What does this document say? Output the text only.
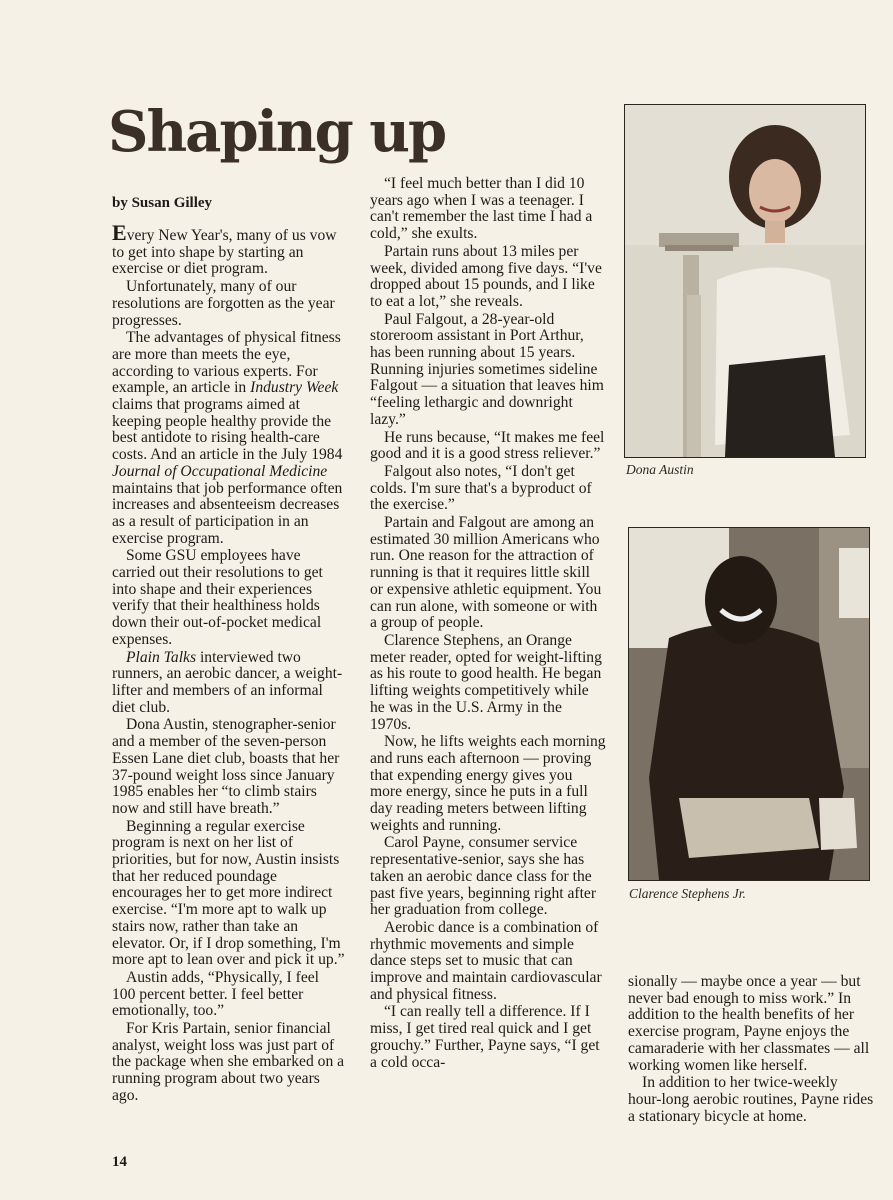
Shaping up

by Susan Gilley

Every New Year's, many of us vow to get into shape by starting an exercise or diet program.

Unfortunately, many of our resolutions are forgotten as the year progresses.

The advantages of physical fitness are more than meets the eye, according to various experts. For example, an article in Industry Week claims that programs aimed at keeping people healthy provide the best antidote to rising health-care costs. And an article in the July 1984 Journal of Occupational Medicine maintains that job performance often increases and absenteeism decreases as a result of participation in an exercise program.

Some GSU employees have carried out their resolutions to get into shape and their experiences verify that their healthiness holds down their out-of-pocket medical expenses.

Plain Talks interviewed two runners, an aerobic dancer, a weight-lifter and members of an informal diet club.

Dona Austin, stenographer-senior and a member of the seven-person Essen Lane diet club, boasts that her 37-pound weight loss since January 1985 enables her “to climb stairs now and still have breath.”

Beginning a regular exercise program is next on her list of priorities, but for now, Austin insists that her reduced poundage encourages her to get more indirect exercise. “I'm more apt to walk up stairs now, rather than take an elevator. Or, if I drop something, I'm more apt to lean over and pick it up.”

Austin adds, “Physically, I feel 100 percent better. I feel better emotionally, too.”

For Kris Partain, senior financial analyst, weight loss was just part of the package when she embarked on a running program about two years ago.

“I feel much better than I did 10 years ago when I was a teenager. I can't remember the last time I had a cold,” she exults.

Partain runs about 13 miles per week, divided among five days. “I've dropped about 15 pounds, and I like to eat a lot,” she reveals.

Paul Falgout, a 28-year-old storeroom assistant in Port Arthur, has been running about 15 years. Running injuries sometimes sideline Falgout — a situation that leaves him “feeling lethargic and downright lazy.”

He runs because, “It makes me feel good and it is a good stress reliever.”

Falgout also notes, “I don't get colds. I'm sure that's a byproduct of the exercise.”

Partain and Falgout are among an estimated 30 million Americans who run. One reason for the attraction of running is that it requires little skill or expensive athletic equipment. You can run alone, with someone or with a group of people.

Clarence Stephens, an Orange meter reader, opted for weight-lifting as his route to good health. He began lifting weights competitively while he was in the U.S. Army in the 1970s.

Now, he lifts weights each morning and runs each afternoon — proving that expending energy gives you more energy, since he puts in a full day reading meters between lifting weights and running.

Carol Payne, consumer service representative-senior, says she has taken an aerobic dance class for the past five years, beginning right after her graduation from college.

Aerobic dance is a combination of rhythmic movements and simple dance steps set to music that can improve and maintain cardiovascular and physical fitness.

“I can really tell a difference. If I miss, I get tired real quick and I get grouchy.” Further, Payne says, “I get a cold occa-

Dona Austin

Clarence Stephens Jr.

sionally — maybe once a year — but never bad enough to miss work.” In addition to the health benefits of her exercise program, Payne enjoys the camaraderie with her classmates — all working women like herself.

In addition to her twice-weekly hour-long aerobic routines, Payne rides a stationary bicycle at home.

14
